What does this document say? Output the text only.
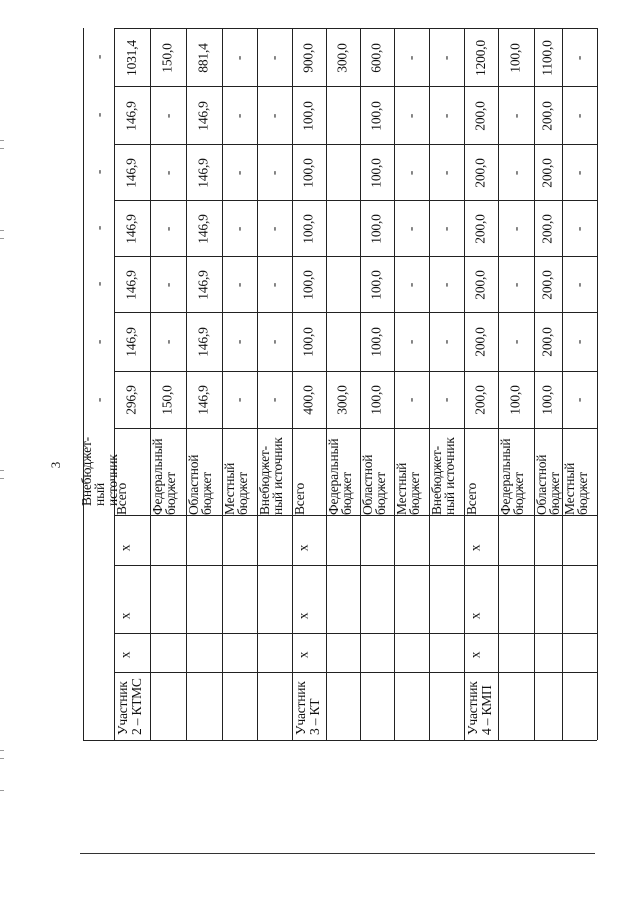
3 Внебюджет-ный источник
-
-
-
-
-
-
-
Участник 2 – КТМС
х
х
х
Всего
296,9
146,9
146,9
146,9
146,9
146,9
1031,4
Федеральный бюджет
150,0
-
-
-
-
-
150,0
Областной бюджет
146,9
146,9
146,9
146,9
146,9
146,9
881,4
Местный бюджет
-
-
-
-
-
-
-
Внебюджет-ный источник
-
-
-
-
-
-
-
Участник 3 – КТ
х
х
х
Всего
400,0
100,0
100,0
100,0
100,0
100,0
900,0
Федеральный бюджет
300,0
300,0
Областной бюджет
100,0
100,0
100,0
100,0
100,0
100,0
600,0
Местный бюджет
-
-
-
-
-
-
-
Внебюджет-ный источник
-
-
-
-
-
-
-
Участник 4 – КМП
х
х
х
Всего
200,0
200,0
200,0
200,0
200,0
200,0
1200,0
Федеральный бюджет
100,0
-
-
-
-
-
100,0
Областной бюджет
100,0
200,0
200,0
200,0
200,0
200,0
1100,0
Местный бюджет
-
-
-
-
-
-
-
